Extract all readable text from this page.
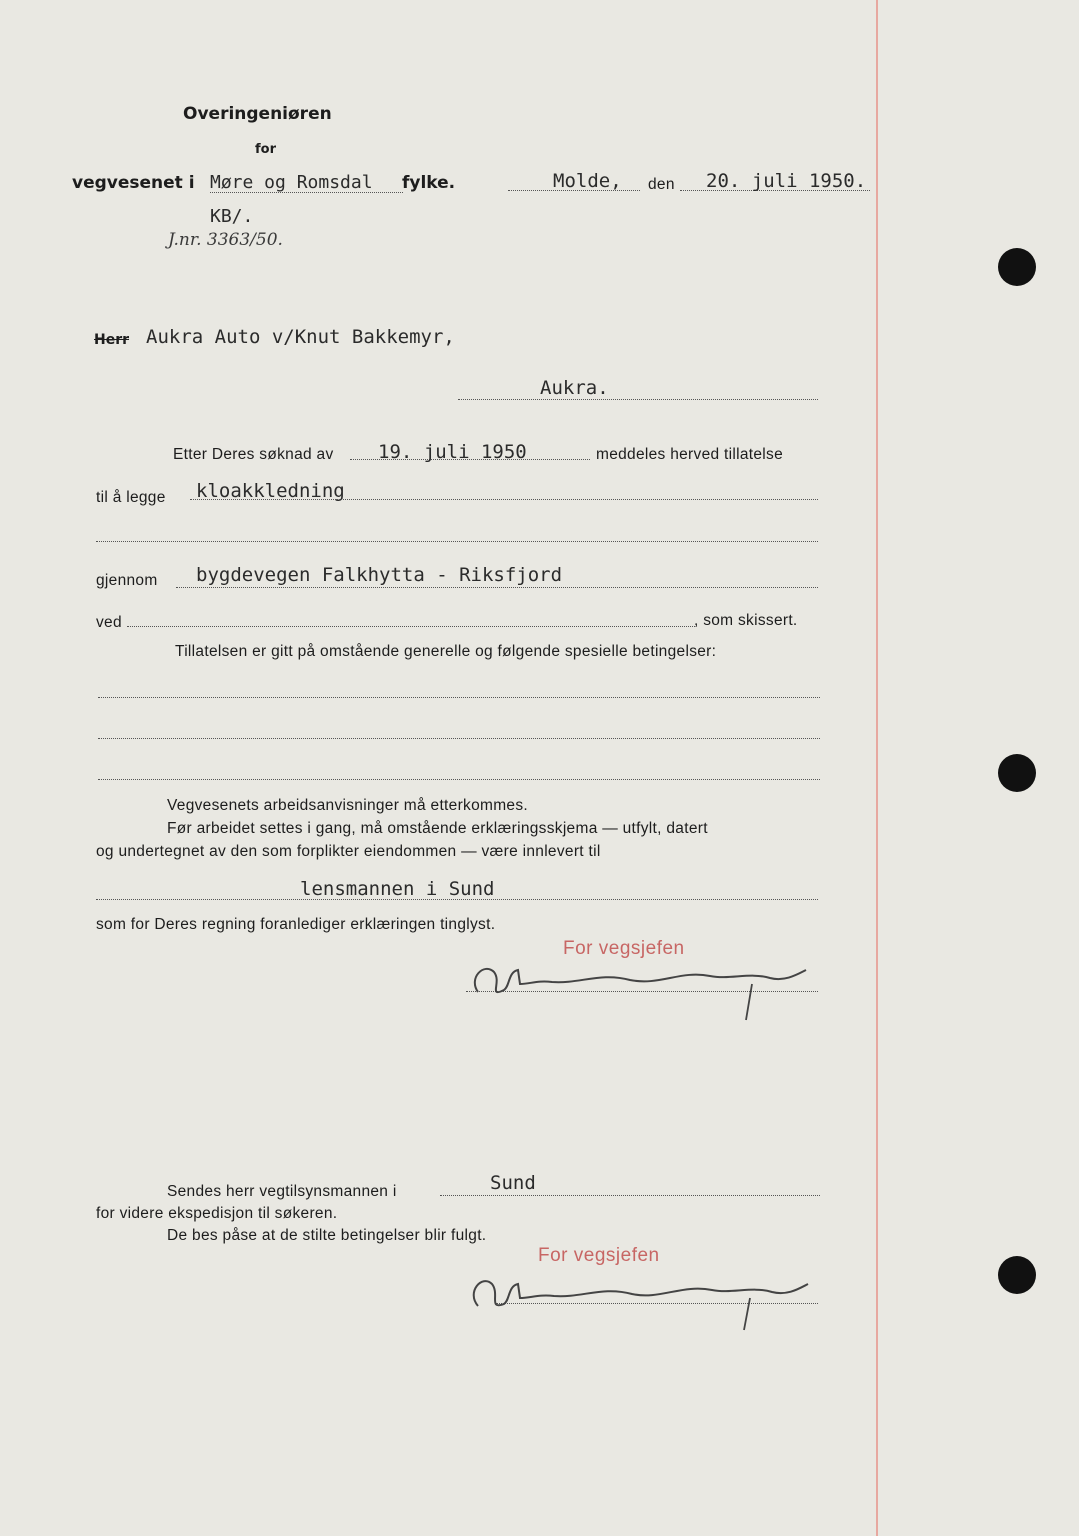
Overingeniøren
for
vegvesenet i Møre og Romsdal fylke.	Molde, den 20. juli 1950.
KB/.
J.nr. 3363/50.
Herr Aukra Auto v/Knut Bakkemyr,
Aukra.
Etter Deres søknad av 19. juli 1950	meddeles herved tillatelse
til å legge kloakkledning
gjennom bygdevegen Falkhytta - Riksfjord
ved	, som skissert.
Tillatelsen er gitt på omstående generelle og følgende spesielle betingelser:
Vegvesenets arbeidsanvisninger må etterkommes.
Før arbeidet settes i gang, må omstående erklæringsskjema — utfylt, datert
og undertegnet av den som forplikter eiendommen — være innlevert til
lensmannen i Sund
som for Deres regning foranlediger erklæringen tinglyst.
For vegsjefen
Sendes herr vegtilsynsmannen i	Sund
for videre ekspedisjon til søkeren.
De bes påse at de stilte betingelser blir fulgt.
For vegsjefen
